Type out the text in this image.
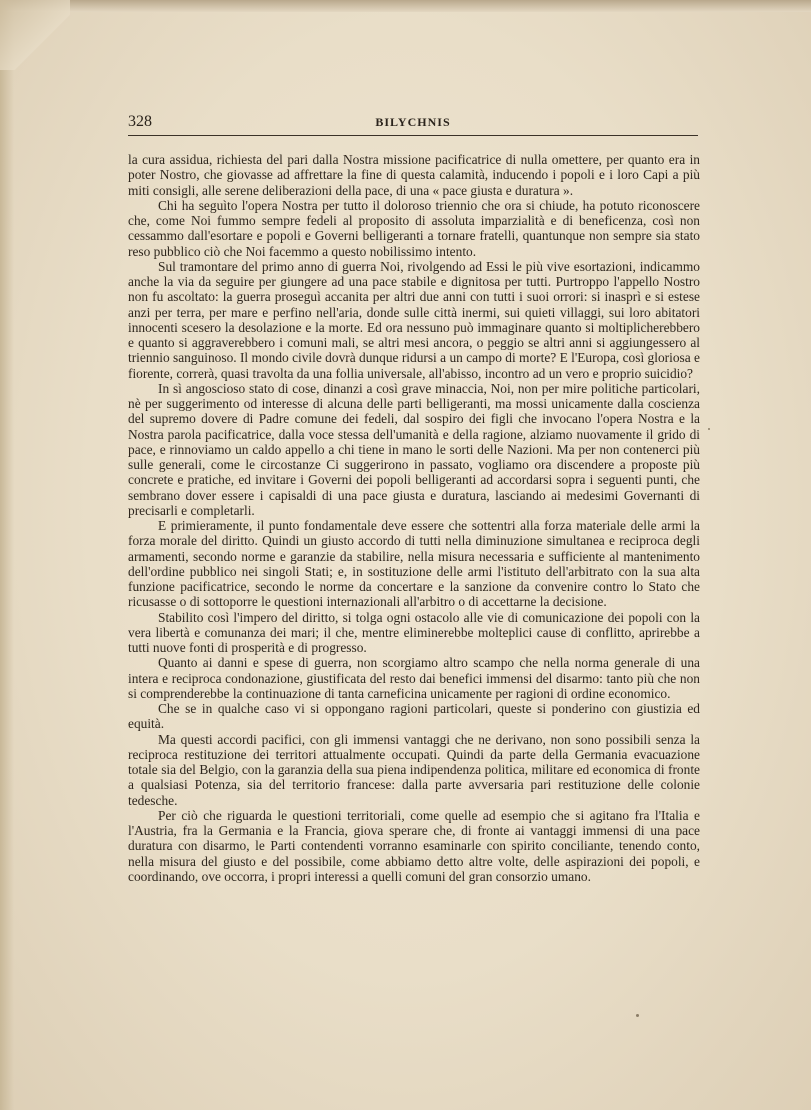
328	BILYCHNIS

la cura assidua, richiesta del pari dalla Nostra missione pacificatrice di nulla omettere, per quanto era in poter Nostro, che giovasse ad affrettare la fine di questa calamità, inducendo i popoli e i loro Capi a più miti consigli, alle serene deliberazioni della pace, di una « pace giusta e duratura ».

Chi ha seguìto l'opera Nostra per tutto il doloroso triennio che ora si chiude, ha potuto riconoscere che, come Noi fummo sempre fedeli al proposito di assoluta imparzialità e di beneficenza, così non cessammo dall'esortare e popoli e Governi belligeranti a tornare fratelli, quantunque non sempre sia stato reso pubblico ciò che Noi facemmo a questo nobilissimo intento.

Sul tramontare del primo anno di guerra Noi, rivolgendo ad Essi le più vive esortazioni, indicammo anche la via da seguire per giungere ad una pace stabile e dignitosa per tutti. Purtroppo l'appello Nostro non fu ascoltato: la guerra proseguì accanita per altri due anni con tutti i suoi orrori: si inasprì e si estese anzi per terra, per mare e perfino nell'aria, donde sulle città inermi, sui quieti villaggi, sui loro abitatori innocenti scesero la desolazione e la morte. Ed ora nessuno può immaginare quanto si moltiplicherebbero e quanto si aggraverebbero i comuni mali, se altri mesi ancora, o peggio se altri anni si aggiungessero al triennio sanguinoso. Il mondo civile dovrà dunque ridursi a un campo di morte? E l'Europa, così gloriosa e fiorente, correrà, quasi travolta da una follia universale, all'abisso, incontro ad un vero e proprio suicidio?

In sì angoscioso stato di cose, dinanzi a così grave minaccia, Noi, non per mire politiche particolari, nè per suggerimento od interesse di alcuna delle parti belligeranti, ma mossi unicamente dalla coscienza del supremo dovere di Padre comune dei fedeli, dal sospiro dei figli che invocano l'opera Nostra e la Nostra parola pacificatrice, dalla voce stessa dell'umanità e della ragione, alziamo nuovamente il grido di pace, e rinnoviamo un caldo appello a chi tiene in mano le sorti delle Nazioni. Ma per non contenerci più sulle generali, come le circostanze Ci suggerirono in passato, vogliamo ora discendere a proposte più concrete e pratiche, ed invitare i Governi dei popoli belligeranti ad accordarsi sopra i seguenti punti, che sembrano dover essere i capisaldi di una pace giusta e duratura, lasciando ai medesimi Governanti di precisarli e completarli.

E primieramente, il punto fondamentale deve essere che sottentri alla forza materiale delle armi la forza morale del diritto. Quindi un giusto accordo di tutti nella diminuzione simultanea e reciproca degli armamenti, secondo norme e garanzie da stabilire, nella misura necessaria e sufficiente al mantenimento dell'ordine pubblico nei singoli Stati; e, in sostituzione delle armi l'istituto dell'arbitrato con la sua alta funzione pacificatrice, secondo le norme da concertare e la sanzione da convenire contro lo Stato che ricusasse o di sottoporre le questioni internazionali all'arbitro o di accettarne la decisione.

Stabilito così l'impero del diritto, si tolga ogni ostacolo alle vie di comunicazione dei popoli con la vera libertà e comunanza dei mari; il che, mentre eliminerebbe molteplici cause di conflitto, aprirebbe a tutti nuove fonti di prosperità e di progresso.

Quanto ai danni e spese di guerra, non scorgiamo altro scampo che nella norma generale di una intera e reciproca condonazione, giustificata del resto dai benefici immensi del disarmo: tanto più che non si comprenderebbe la continuazione di tanta carneficina unicamente per ragioni di ordine economico.

Che se in qualche caso vi si oppongano ragioni particolari, queste si ponderino con giustizia ed equità.

Ma questi accordi pacifici, con gli immensi vantaggi che ne derivano, non sono possibili senza la reciproca restituzione dei territori attualmente occupati. Quindi da parte della Germania evacuazione totale sia del Belgio, con la garanzia della sua piena indipendenza politica, militare ed economica di fronte a qualsiasi Potenza, sia del territorio francese: dalla parte avversaria pari restituzione delle colonie tedesche.

Per ciò che riguarda le questioni territoriali, come quelle ad esempio che si agitano fra l'Italia e l'Austria, fra la Germania e la Francia, giova sperare che, di fronte ai vantaggi immensi di una pace duratura con disarmo, le Parti contendenti vorranno esaminarle con spirito conciliante, tenendo conto, nella misura del giusto e del possibile, come abbiamo detto altre volte, delle aspirazioni dei popoli, e coordinando, ove occorra, i propri interessi a quelli comuni del gran consorzio umano.
